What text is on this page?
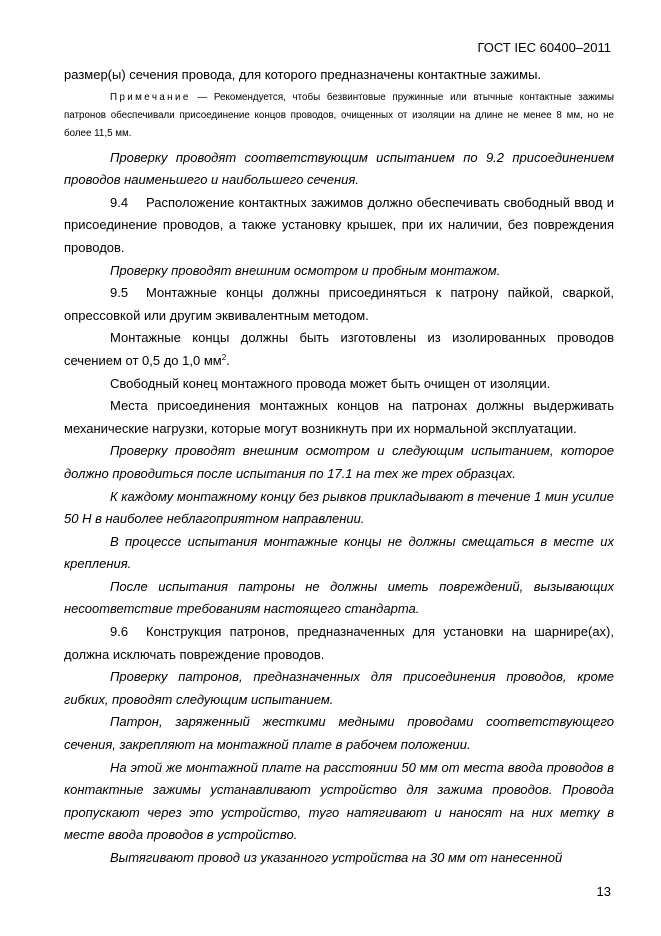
ГОСТ IEC 60400–2011

размер(ы) сечения провода, для которого предназначены контактные зажимы.

Примечание — Рекомендуется, чтобы безвинтовые пружинные или втычные контактные зажимы патронов обеспечивали присоединение концов проводов, очищенных от изоляции на длине не менее 8 мм, но не более 11,5 мм.

Проверку проводят соответствующим испытанием по 9.2 присоединением проводов наименьшего и наибольшего сечения.

9.4 Расположение контактных зажимов должно обеспечивать свободный ввод и присоединение проводов, а также установку крышек, при их наличии, без повреждения проводов.

Проверку проводят внешним осмотром и пробным монтажом.

9.5 Монтажные концы должны присоединяться к патрону пайкой, сваркой, опрессовкой или другим эквивалентным методом.

Монтажные концы должны быть изготовлены из изолированных проводов сечением от 0,5 до 1,0 $мм^2$.

Свободный конец монтажного провода может быть очищен от изоляции.

Места присоединения монтажных концов на патронах должны выдерживать механические нагрузки, которые могут возникнуть при их нормальной эксплуатации.

Проверку проводят внешним осмотром и следующим испытанием, которое должно проводиться после испытания по 17.1 на тех же трех образцах.

К каждому монтажному концу без рывков прикладывают в течение 1 мин усилие 50 Н в наиболее неблагоприятном направлении.

В процессе испытания монтажные концы не должны смещаться в месте их крепления.

После испытания патроны не должны иметь повреждений, вызывающих несоответствие требованиям настоящего стандарта.

9.6 Конструкция патронов, предназначенных для установки на шарнире(ах), должна исключать повреждение проводов.

Проверку патронов, предназначенных для присоединения проводов, кроме гибких, проводят следующим испытанием.

Патрон, заряженный жесткими медными проводами соответствующего сечения, закрепляют на монтажной плате в рабочем положении.

На этой же монтажной плате на расстоянии 50 мм от места ввода проводов в контактные зажимы устанавливают устройство для зажима проводов. Провода пропускают через это устройство, туго натягивают и наносят на них метку в месте ввода проводов в устройство.

Вытягивают провод из указанного устройства на 30 мм от нанесенной

13
